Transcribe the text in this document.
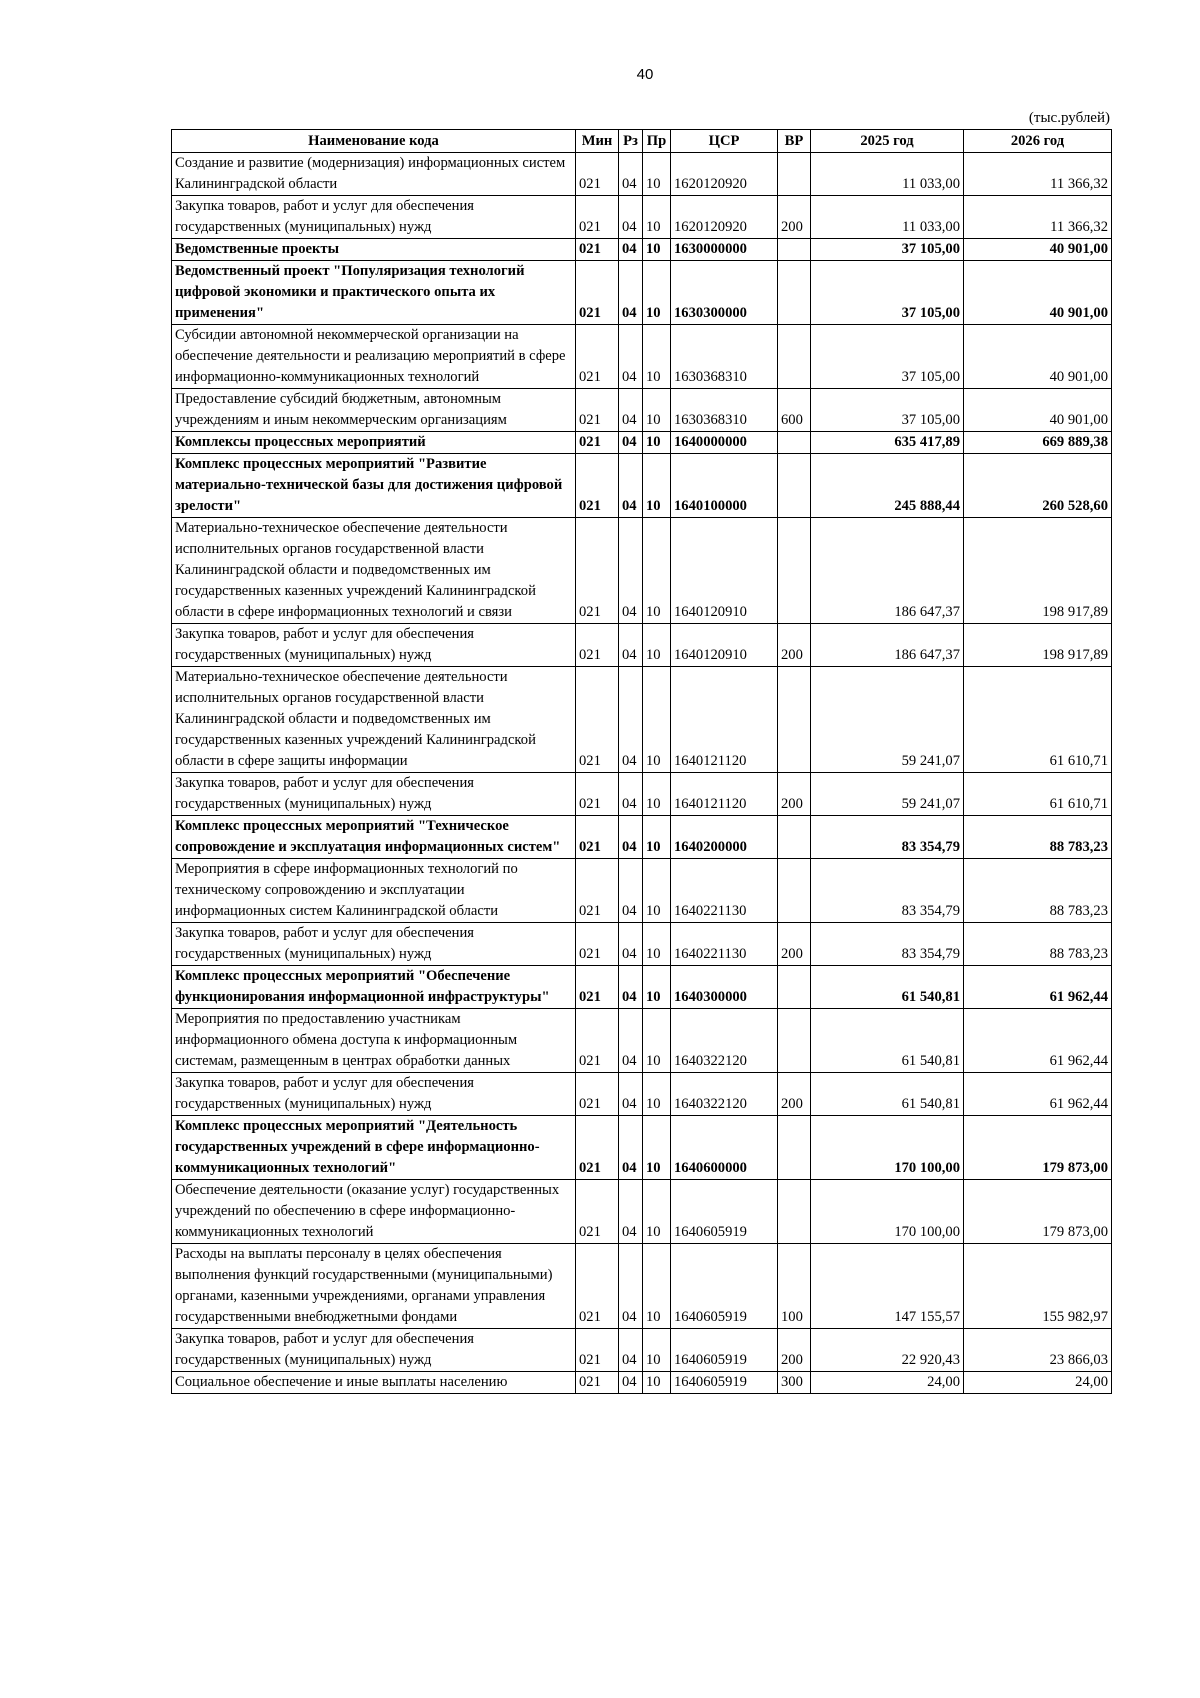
40
(тыс.рублей)
Наименование кода	Мин	Рз	Пр	ЦСР	ВР	2025 год	2026 год
Создание и развитие (модернизация) информационных систем Калининградской области	021	04	10	1620120920		11 033,00	11 366,32
Закупка товаров, работ и услуг для обеспечения государственных (муниципальных) нужд	021	04	10	1620120920	200	11 033,00	11 366,32
Ведомственные проекты	021	04	10	1630000000		37 105,00	40 901,00
Ведомственный проект "Популяризация технологий цифровой экономики и практического опыта их применения"	021	04	10	1630300000		37 105,00	40 901,00
Субсидии автономной некоммерческой организации на обеспечение деятельности и реализацию мероприятий в сфере информационно-коммуникационных технологий	021	04	10	1630368310		37 105,00	40 901,00
Предоставление субсидий бюджетным, автономным учреждениям и иным некоммерческим организациям	021	04	10	1630368310	600	37 105,00	40 901,00
Комплексы процессных мероприятий	021	04	10	1640000000		635 417,89	669 889,38
Комплекс процессных мероприятий "Развитие материально-технической базы для достижения цифровой зрелости"	021	04	10	1640100000		245 888,44	260 528,60
Материально-техническое обеспечение деятельности исполнительных органов государственной власти Калининградской области и подведомственных им государственных казенных учреждений Калининградской области в сфере информационных технологий и связи	021	04	10	1640120910		186 647,37	198 917,89
Закупка товаров, работ и услуг для обеспечения государственных (муниципальных) нужд	021	04	10	1640120910	200	186 647,37	198 917,89
Материально-техническое обеспечение деятельности исполнительных органов государственной власти Калининградской области и подведомственных им государственных казенных учреждений Калининградской области в сфере защиты информации	021	04	10	1640121120		59 241,07	61 610,71
Закупка товаров, работ и услуг для обеспечения государственных (муниципальных) нужд	021	04	10	1640121120	200	59 241,07	61 610,71
Комплекс процессных мероприятий "Техническое сопровождение и эксплуатация информационных систем"	021	04	10	1640200000		83 354,79	88 783,23
Мероприятия в сфере информационных технологий по техническому сопровождению и эксплуатации информационных систем Калининградской области	021	04	10	1640221130		83 354,79	88 783,23
Закупка товаров, работ и услуг для обеспечения государственных (муниципальных) нужд	021	04	10	1640221130	200	83 354,79	88 783,23
Комплекс процессных мероприятий "Обеспечение функционирования информационной инфраструктуры"	021	04	10	1640300000		61 540,81	61 962,44
Мероприятия по предоставлению участникам информационного обмена доступа к информационным системам, размещенным в центрах обработки данных	021	04	10	1640322120		61 540,81	61 962,44
Закупка товаров, работ и услуг для обеспечения государственных (муниципальных) нужд	021	04	10	1640322120	200	61 540,81	61 962,44
Комплекс процессных мероприятий "Деятельность государственных учреждений в сфере информационно-коммуникационных технологий"	021	04	10	1640600000		170 100,00	179 873,00
Обеспечение деятельности (оказание услуг) государственных учреждений по обеспечению в сфере информационно-коммуникационных технологий	021	04	10	1640605919		170 100,00	179 873,00
Расходы на выплаты персоналу в целях обеспечения выполнения функций государственными (муниципальными) органами, казенными учреждениями, органами управления государственными внебюджетными фондами	021	04	10	1640605919	100	147 155,57	155 982,97
Закупка товаров, работ и услуг для обеспечения государственных (муниципальных) нужд	021	04	10	1640605919	200	22 920,43	23 866,03
Социальное обеспечение и иные выплаты населению	021	04	10	1640605919	300	24,00	24,00
